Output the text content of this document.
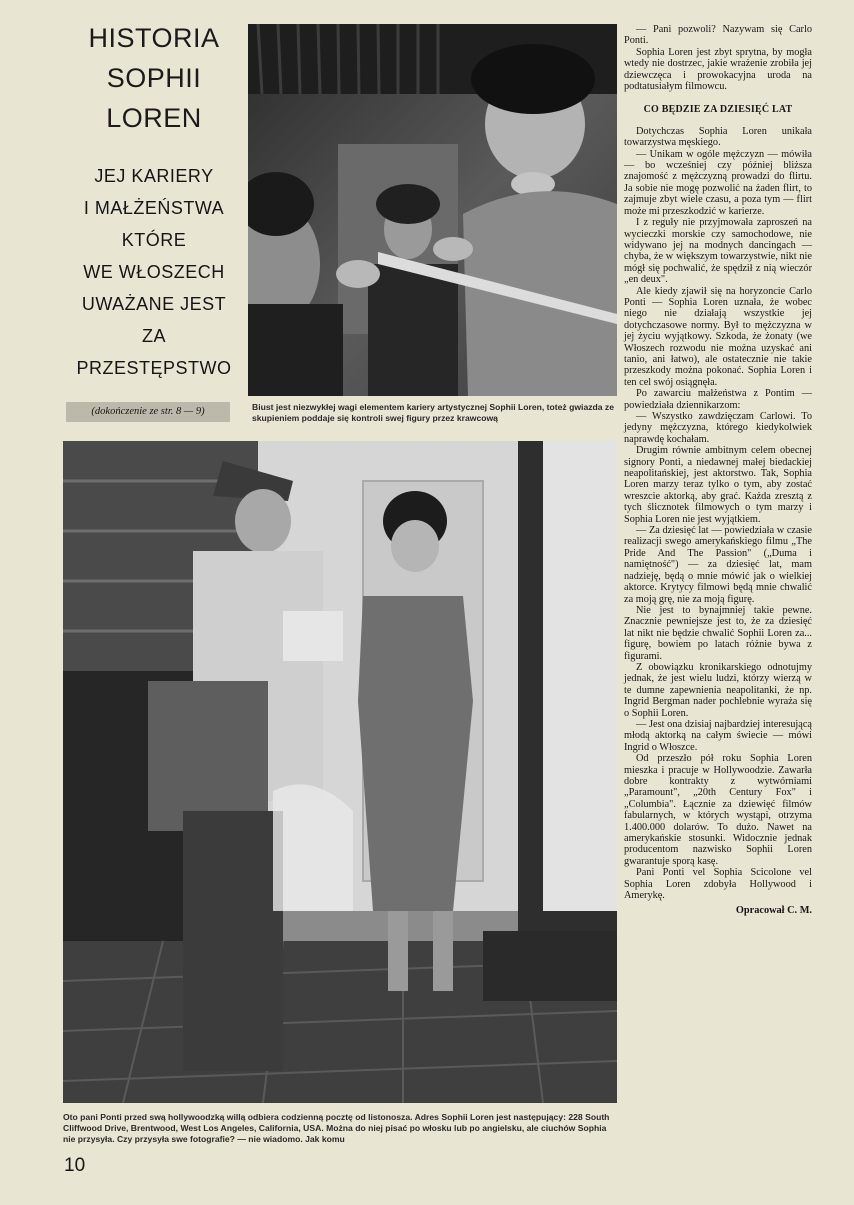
HISTORIA
SOPHII
LOREN
JEJ KARIERY
I MAŁŻEŃSTWA
KTÓRE
WE WŁOSZECH
UWAŻANE JEST
ZA
PRZESTĘPSTWO
(dokończenie ze str. 8 — 9)	Biust jest niezwykłej wagi elementem kariery artystycznej Sophii Loren, toteż gwiazda ze skupieniem poddaje się kontroli swej figury przez krawcową
Oto pani Ponti przed swą hollywoodzką willą odbiera codzienną pocztę od listonosza. Adres Sophii Loren jest następujący: 228 South Cliffwood Drive, Brentwood, West Los Angeles, California, USA. Można do niej pisać po włosku lub po angielsku, ale ciuchów Sophia nie przysyła. Czy przysyła swe fotografie? — nie wiadomo. Jak komu

— Pani pozwoli? Nazywam się Carlo Ponti.

Sophia Loren jest zbyt sprytna, by mogła wtedy nie dostrzec, jakie wrażenie zrobiła jej dziewczęca i prowokacyjna uroda na podtatusiałym filmowcu.

CO BĘDZIE ZA DZIESIĘĆ LAT

Dotychczas Sophia Loren unikała towarzystwa męskiego.

— Unikam w ogóle mężczyzn — mówiła — bo wcześniej czy później bliższa znajomość z mężczyzną prowadzi do flirtu. Ja sobie nie mogę pozwolić na żaden flirt, to zajmuje zbyt wiele czasu, a poza tym — flirt może mi przeszkodzić w karierze.

I z reguły nie przyjmowała zaproszeń na wycieczki morskie czy samochodowe, nie widywano jej na modnych dancingach — chyba, że w większym towarzystwie, nikt nie mógł się pochwalić, że spędził z nią wieczór „en deux".

Ale kiedy zjawił się na horyzoncie Carlo Ponti — Sophia Loren uznała, że wobec niego nie działają wszystkie jej dotychczasowe normy. Był to mężczyzna w jej życiu wyjątkowy. Szkoda, że żonaty (we Włoszech rozwodu nie można uzyskać ani tanio, ani łatwo), ale ostatecznie nie takie przeszkody można pokonać. Sophia Loren i ten cel swój osiągnęła.

Po zawarciu małżeństwa z Pontim — powiedziała dziennikarzom:

— Wszystko zawdzięczam Carlowi. To jedyny mężczyzna, którego kiedykolwiek naprawdę kochałam.

Drugim równie ambitnym celem obecnej signory Ponti, a niedawnej małej biedackiej neapolitańskiej, jest aktorstwo. Tak, Sophia Loren marzy teraz tylko o tym, aby zostać wreszcie aktorką, aby grać. Każda zresztą z tych ślicznotek filmowych o tym marzy i Sophia Loren nie jest wyjątkiem.

— Za dziesięć lat — powiedziała w czasie realizacji swego amerykańskiego filmu „The Pride And The Passion" („Duma i namiętność") — za dziesięć lat, mam nadzieję, będą o mnie mówić jak o wielkiej aktorce. Krytycy filmowi będą mnie chwalić za moją grę, nie za moją figurę.

Nie jest to bynajmniej takie pewne. Znacznie pewniejsze jest to, że za dziesięć lat nikt nie będzie chwalić Sophii Loren za... figurę, bowiem po latach różnie bywa z figurami.

Z obowiązku kronikarskiego odnotujmy jednak, że jest wielu ludzi, którzy wierzą w te dumne zapewnienia neapolitanki, że np. Ingrid Bergman nader pochlebnie wyraża się o Sophii Loren.

— Jest ona dzisiaj najbardziej interesującą młodą aktorką na całym świecie — mówi Ingrid o Włoszce.

Od przeszło pół roku Sophia Loren mieszka i pracuje w Hollywoodzie. Zawarła dobre kontrakty z wytwórniami „Paramount", „20th Century Fox" i „Columbia". Łącznie za dziewięć filmów fabularnych, w których wystąpi, otrzyma 1.400.000 dolarów. To dużo. Nawet na amerykańskie stosunki. Widocznie jednak producentom nazwisko Sophii Loren gwarantuje sporą kasę.

Pani Ponti vel Sophia Scicolone vel Sophia Loren zdobyła Hollywood i Amerykę.

Opracował C. M.

10
